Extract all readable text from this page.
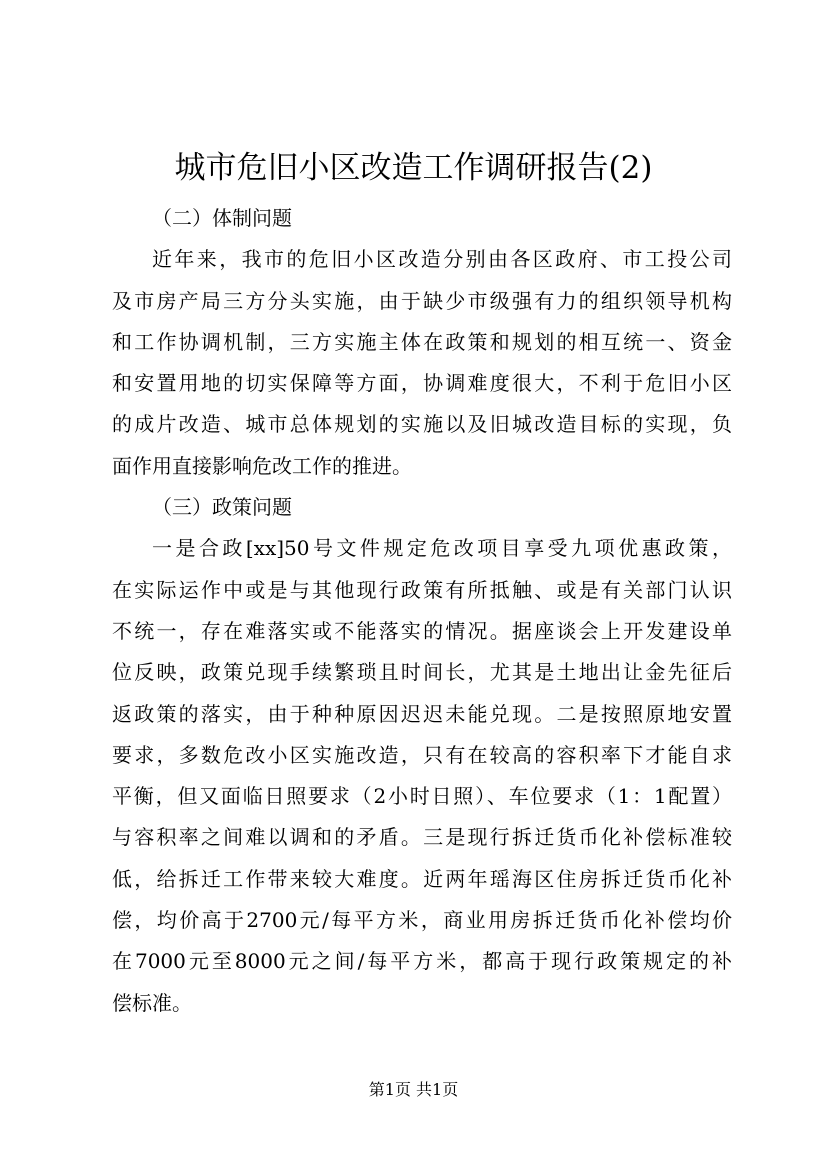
城市危旧小区改造工作调研报告(2)
（二）体制问题
近年来，我市的危旧小区改造分别由各区政府、市工投公司
及市房产局三方分头实施，由于缺少市级强有力的组织领导机构
和工作协调机制，三方实施主体在政策和规划的相互统一、资金
和安置用地的切实保障等方面，协调难度很大，不利于危旧小区
的成片改造、城市总体规划的实施以及旧城改造目标的实现，负
面作用直接影响危改工作的推进。
（三）政策问题
一是合政[xx]50号文件规定危改项目享受九项优惠政策，
在实际运作中或是与其他现行政策有所抵触、或是有关部门认识
不统一，存在难落实或不能落实的情况。据座谈会上开发建设单
位反映，政策兑现手续繁琐且时间长，尤其是土地出让金先征后
返政策的落实，由于种种原因迟迟未能兑现。二是按照原地安置
要求，多数危改小区实施改造，只有在较高的容积率下才能自求
平衡，但又面临日照要求（2小时日照）、车位要求（1：1配置）
与容积率之间难以调和的矛盾。三是现行拆迁货币化补偿标准较
低，给拆迁工作带来较大难度。近两年瑶海区住房拆迁货币化补
偿，均价高于2700元/每平方米，商业用房拆迁货币化补偿均价
在7000元至8000元之间/每平方米，都高于现行政策规定的补
偿标准。
第1页 共1页
